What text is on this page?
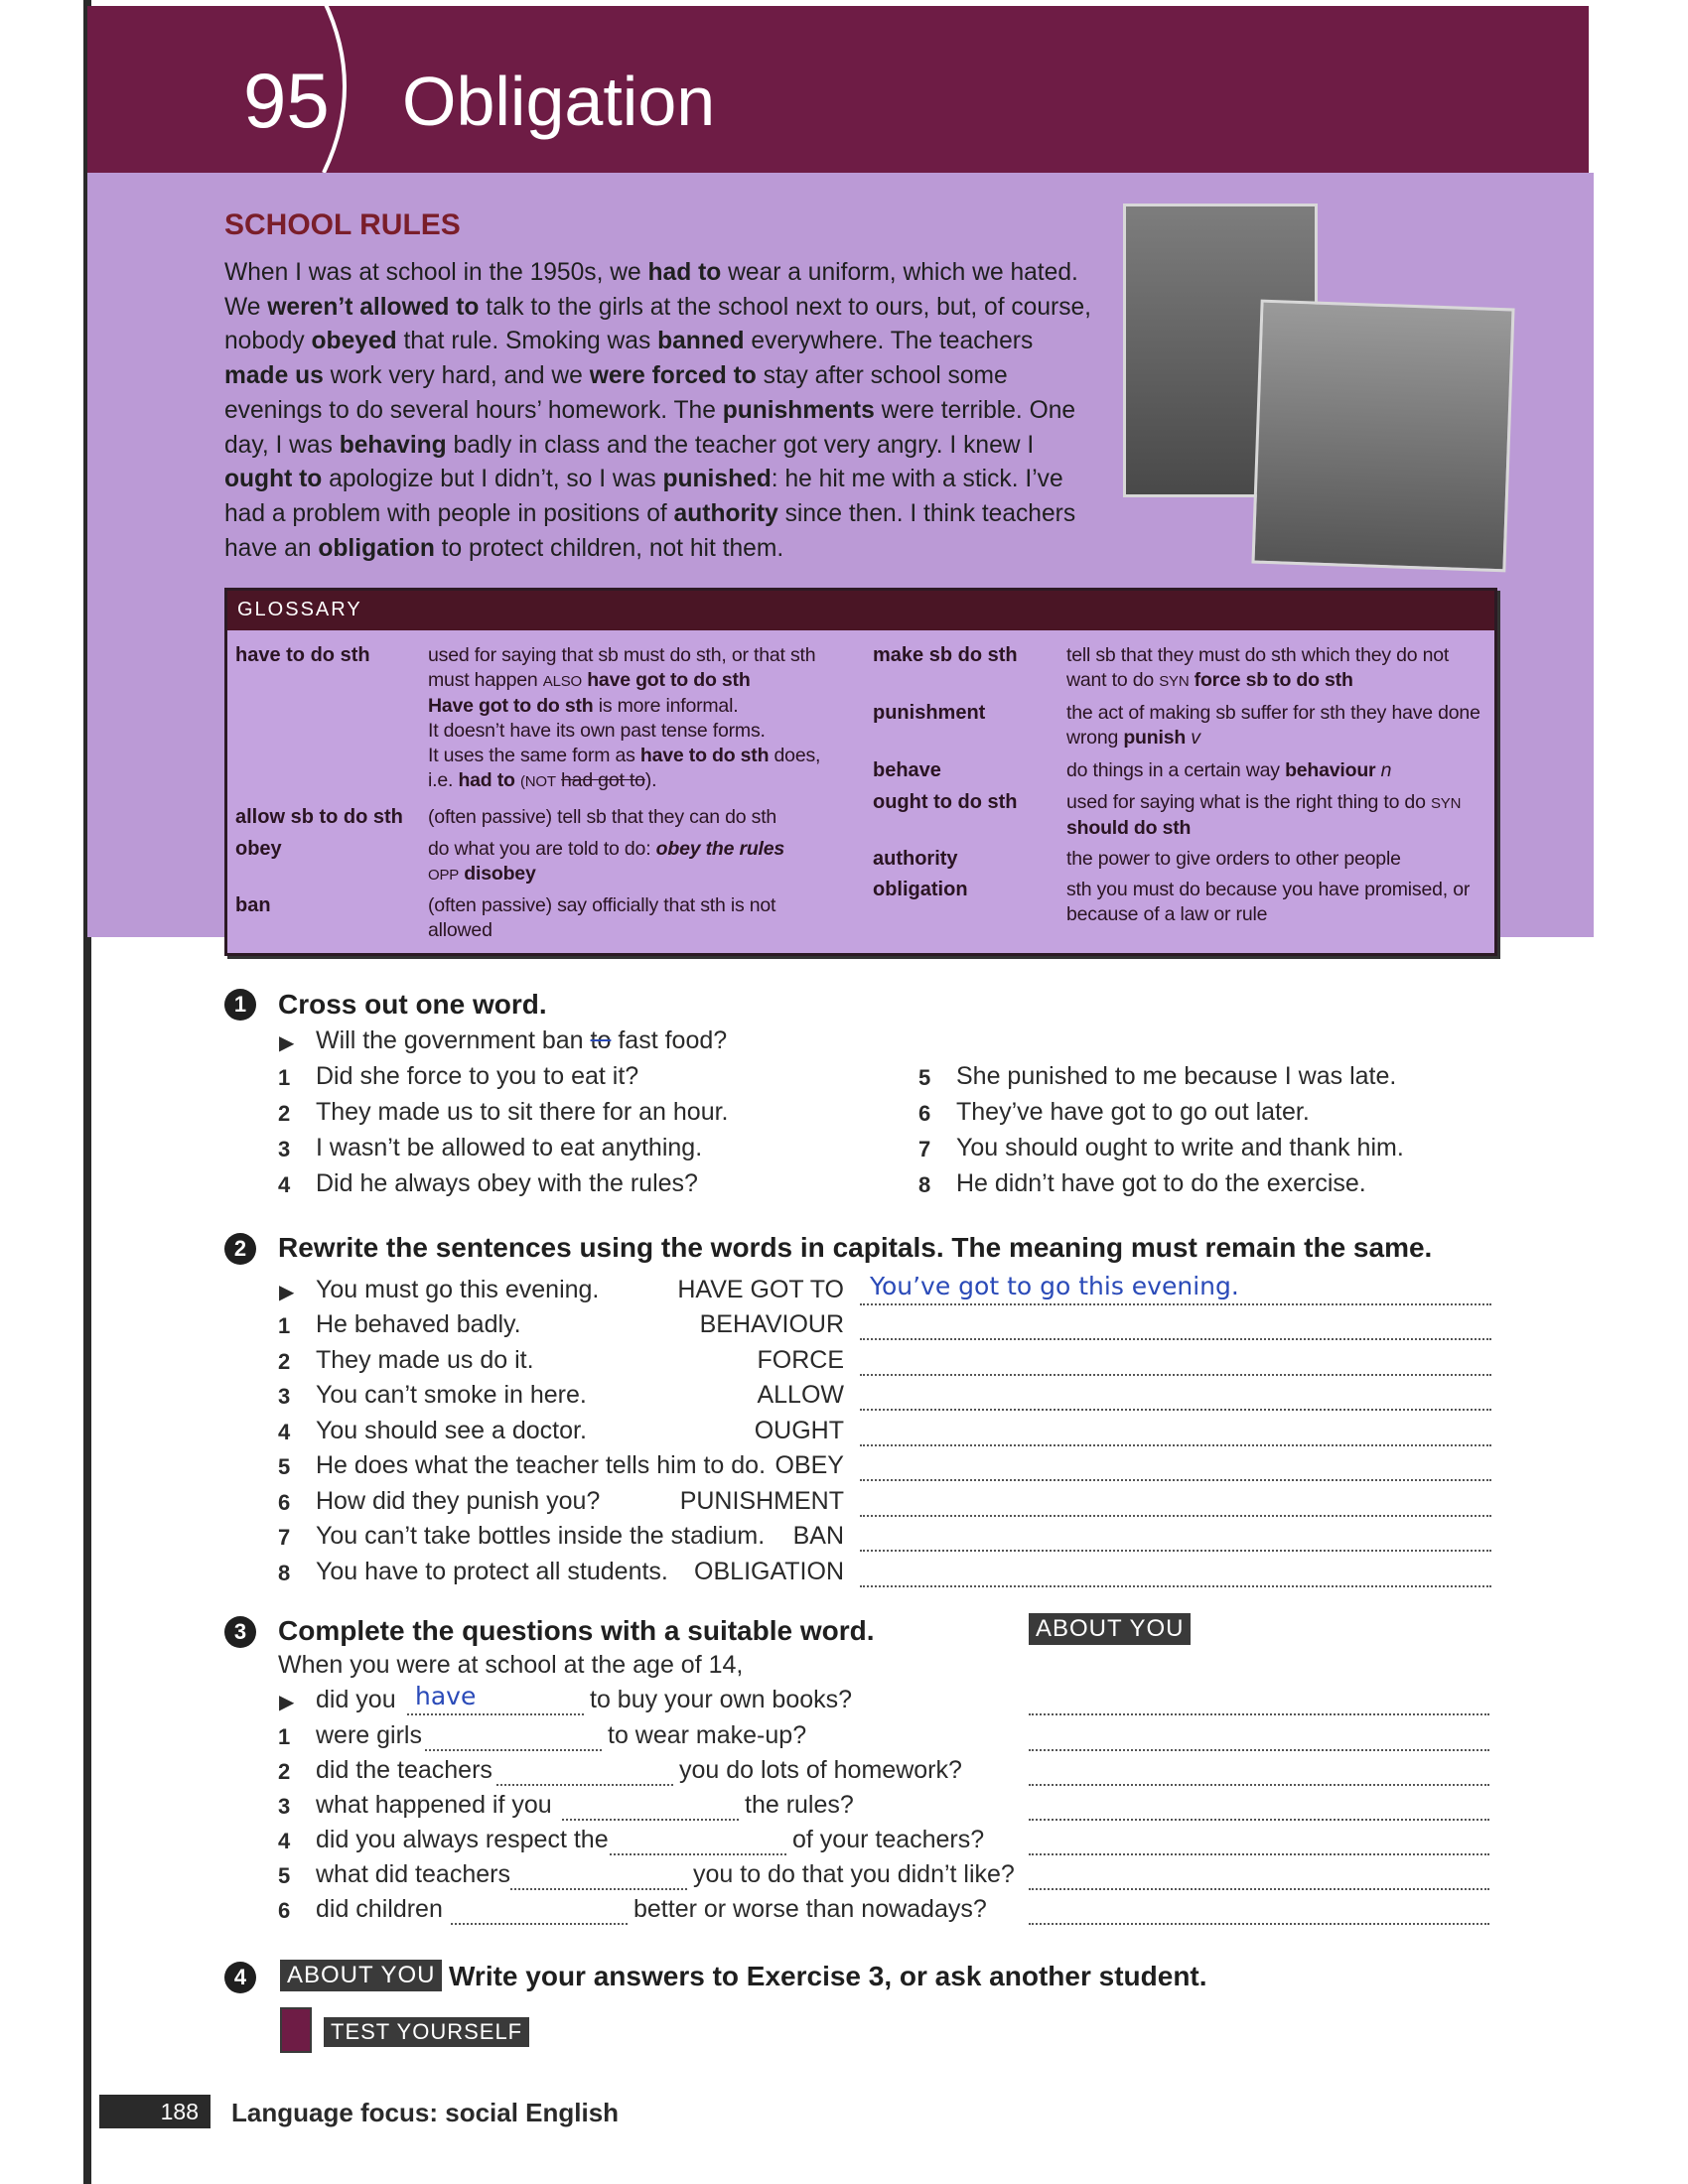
95 Obligation
SCHOOL RULES
When I was at school in the 1950s, we had to wear a uniform, which we hated. We weren’t allowed to talk to the girls at the school next to ours, but, of course, nobody obeyed that rule. Smoking was banned everywhere. The teachers made us work very hard, and we were forced to stay after school some evenings to do several hours’ homework. The punishments were terrible. One day, I was behaving badly in class and the teacher got very angry. I knew I ought to apologize but I didn’t, so I was punished: he hit me with a stick. I’ve had a problem with people in positions of authority since then. I think teachers have an obligation to protect children, not hit them.
GLOSSARY
have to do sth	used for saying that sb must do sth, or that sth must happen ALSO have got to do sth
Have got to do sth is more informal.
It doesn’t have its own past tense forms.
It uses the same form as have to do sth does,
i.e. had to (NOT had got to).
allow sb to do sth (often passive) tell sb that they can do sth
obey	do what you are told to do: obey the rules
OPP disobey
ban	(often passive) say officially that sth is not allowed
make sb do sth	tell sb that they must do sth which they do not want to do SYN force sb to do sth
punishment	the act of making sb suffer for sth they have done wrong punish v
behave	do things in a certain way behaviour n
ought to do sth	used for saying what is the right thing to do SYN should do sth
authority	the power to give orders to other people
obligation	sth you must do because you have promised, or because of a law or rule
1	Cross out one word.
▶ Will the government ban to fast food?
1 Did she force to you to eat it?
2 They made us to sit there for an hour.
3 I wasn’t be allowed to eat anything.
4 Did he always obey with the rules?
5 She punished to me because I was late.
6 They’ve have got to go out later.
7 You should ought to write and thank him.
8 He didn’t have got to do the exercise.
2	Rewrite the sentences using the words in capitals. The meaning must remain the same.
▶ You must go this evening.	HAVE GOT TO You’ve got to go this evening.
1 He behaved badly.	BEHAVIOUR
2 They made us do it.	FORCE
3 You can’t smoke in here.	ALLOW
4 You should see a doctor.	OUGHT
5 He does what the teacher tells him to do. OBEY
6 How did they punish you?	PUNISHMENT
7 You can’t take bottles inside the stadium.	BAN
8 You have to protect all students.	OBLIGATION
3	Complete the questions with a suitable word.	ABOUT YOU
When you were at school at the age of 14,
▶ did you have	to buy your own books?
1 were girls	to wear make-up?
2 did the teachers	you do lots of homework?
3 what happened if you	the rules?
4 did you always respect the	of your teachers?
5 what did teachers	you to do that you didn’t like?
6 did children	better or worse than nowadays?
4	ABOUT YOU Write your answers to Exercise 3, or ask another student.
TEST YOURSELF
188	Language focus: social English
